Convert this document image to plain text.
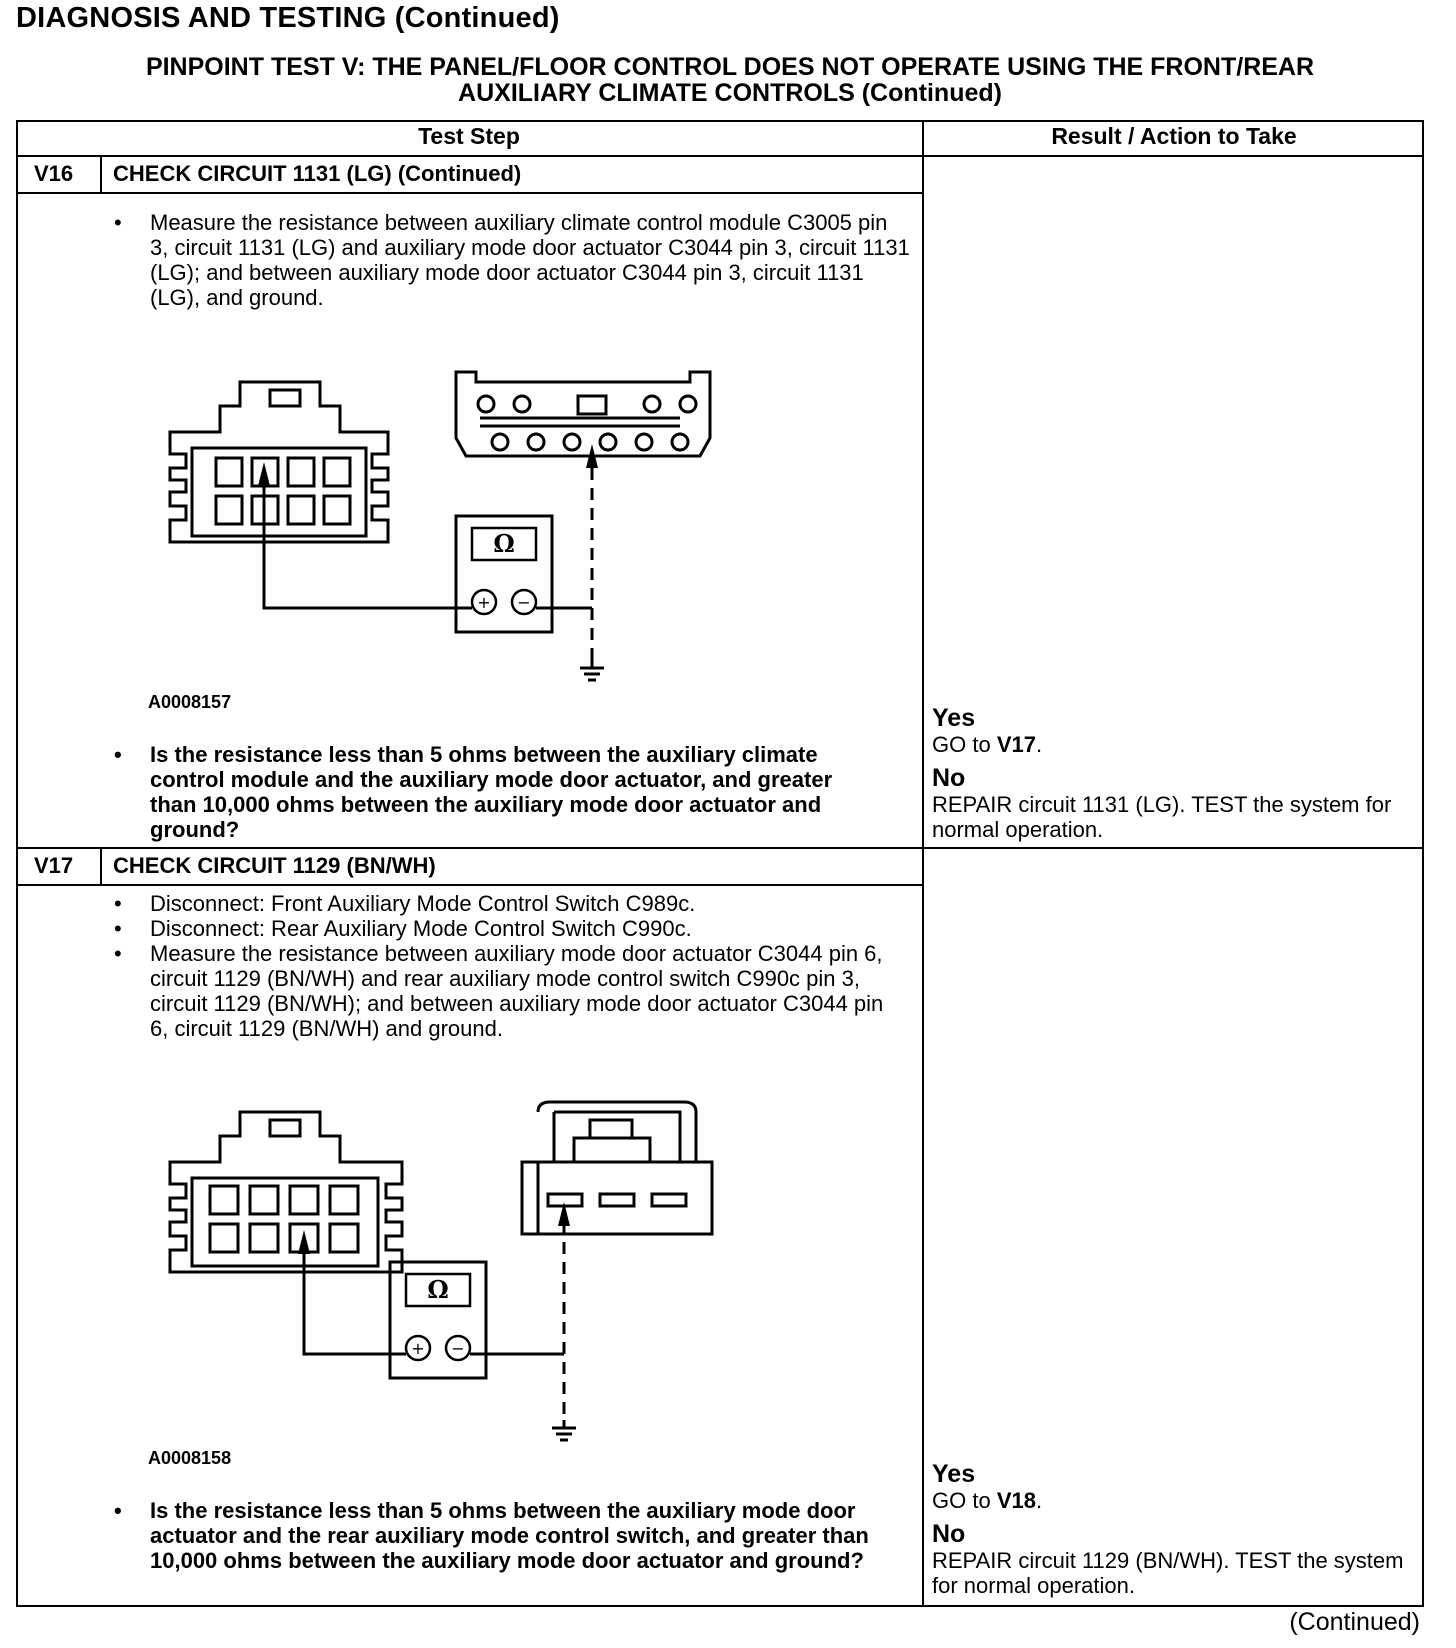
DIAGNOSIS AND TESTING (Continued)
PINPOINT TEST V: THE PANEL/FLOOR CONTROL DOES NOT OPERATE USING THE FRONT/REAR
AUXILIARY CLIMATE CONTROLS (Continued)
Test Step	Result / Action to Take
V16 CHECK CIRCUIT 1131 (LG) (Continued)
• Measure the resistance between auxiliary climate control module C3005 pin 3, circuit 1131 (LG) and auxiliary mode door actuator C3044 pin 3, circuit 1131 (LG); and between auxiliary mode door actuator C3044 pin 3, circuit 1131 (LG), and ground.
Ω
+ −
A0008157
• Is the resistance less than 5 ohms between the auxiliary climate control module and the auxiliary mode door actuator, and greater than 10,000 ohms between the auxiliary mode door actuator and ground?
Yes
GO to V17.
No
REPAIR circuit 1131 (LG). TEST the system for normal operation.
V17 CHECK CIRCUIT 1129 (BN/WH)
• Disconnect: Front Auxiliary Mode Control Switch C989c.
• Disconnect: Rear Auxiliary Mode Control Switch C990c.
• Measure the resistance between auxiliary mode door actuator C3044 pin 6, circuit 1129 (BN/WH) and rear auxiliary mode control switch C990c pin 3, circuit 1129 (BN/WH); and between auxiliary mode door actuator C3044 pin 6, circuit 1129 (BN/WH) and ground.
Ω
+ −
A0008158
• Is the resistance less than 5 ohms between the auxiliary mode door actuator and the rear auxiliary mode control switch, and greater than 10,000 ohms between the auxiliary mode door actuator and ground?
Yes
GO to V18.
No
REPAIR circuit 1129 (BN/WH). TEST the system for normal operation.
(Continued)
